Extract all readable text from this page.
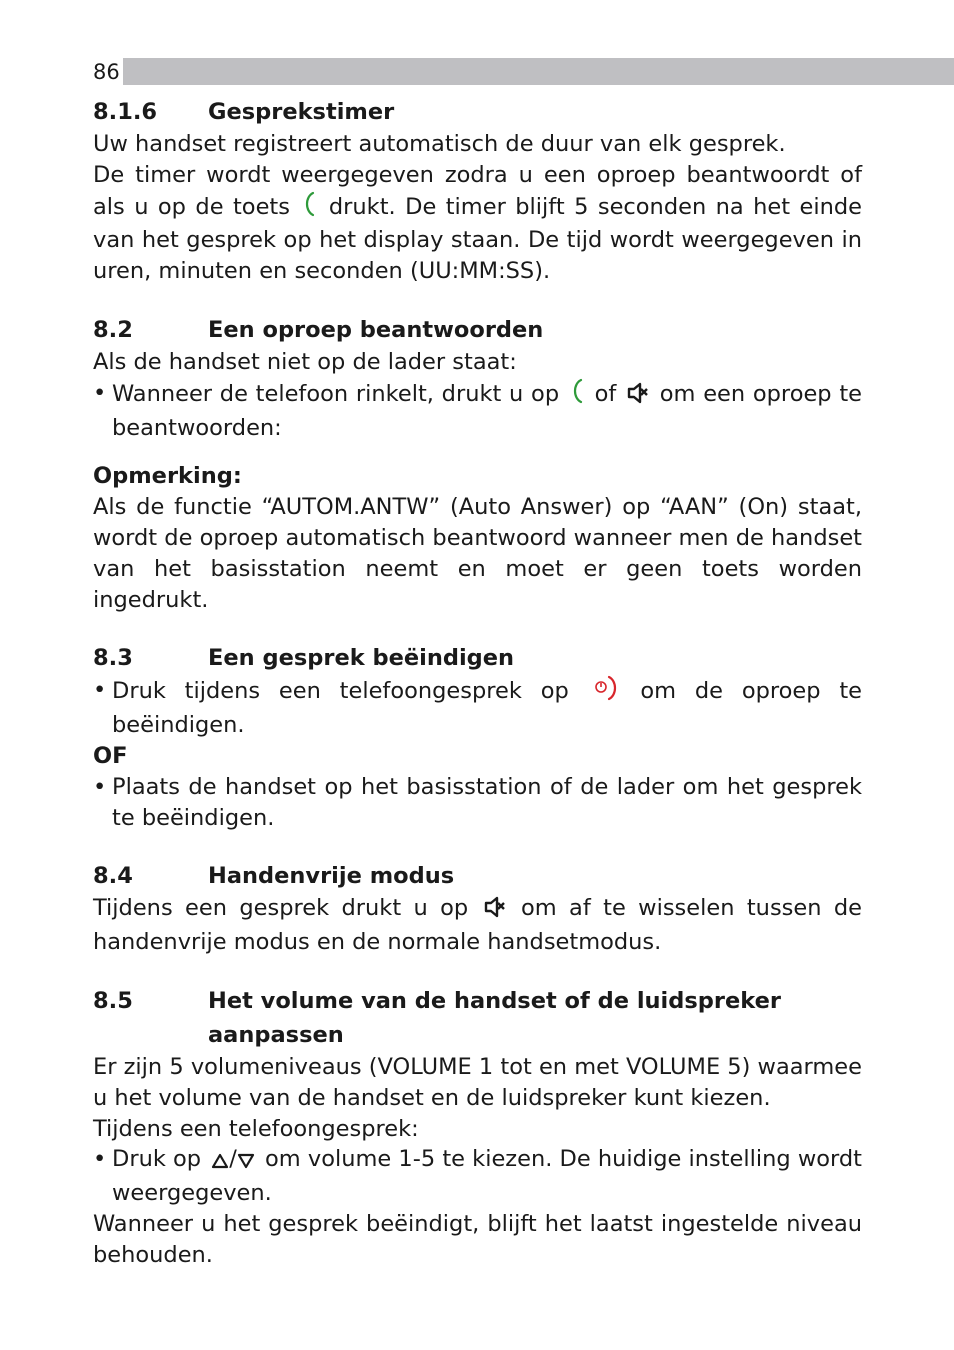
86
8.1.6	Gesprekstimer

Uw handset registreert automatisch de duur van elk gesprek.

De timer wordt weergegeven zodra u een oproep beantwoordt of als u op de toets  drukt. De timer blijft 5 seconden na het einde van het gesprek op het display staan. De tijd wordt weergegeven in uren, minuten en seconden (UU:MM:SS).

8.2	Een oproep beantwoorden

Als de handset niet op de lader staat:

• Wanneer de telefoon rinkelt, drukt u op  of  om een oproep te beantwoorden:

Opmerking:

Als de functie “AUTOM.ANTW” (Auto Answer) op “AAN” (On) staat, wordt de oproep automatisch beantwoord wanneer men de handset van het basisstation neemt en moet er geen toets worden ingedrukt.

8.3	Een gesprek beëindigen
• Druk tijdens een telefoongesprek op  om de oproep te beëindigen.

OF

• Plaats de handset op het basisstation of de lader om het gesprek te beëindigen.
8.4	Handenvrije modus

Tijdens een gesprek drukt u op  om af te wisselen tussen de handenvrije modus en de normale handsetmodus.

8.5	Het volume van de handset of de luidspreker aanpassen

Er zijn 5 volumeniveaus (VOLUME 1 tot en met VOLUME 5) waarmee u het volume van de handset en de luidspreker kunt kiezen.

Tijdens een telefoongesprek:

• Druk op / om volume 1-5 te kiezen. De huidige instelling wordt weergegeven.

Wanneer u het gesprek beëindigt, blijft het laatst ingestelde niveau behouden.
